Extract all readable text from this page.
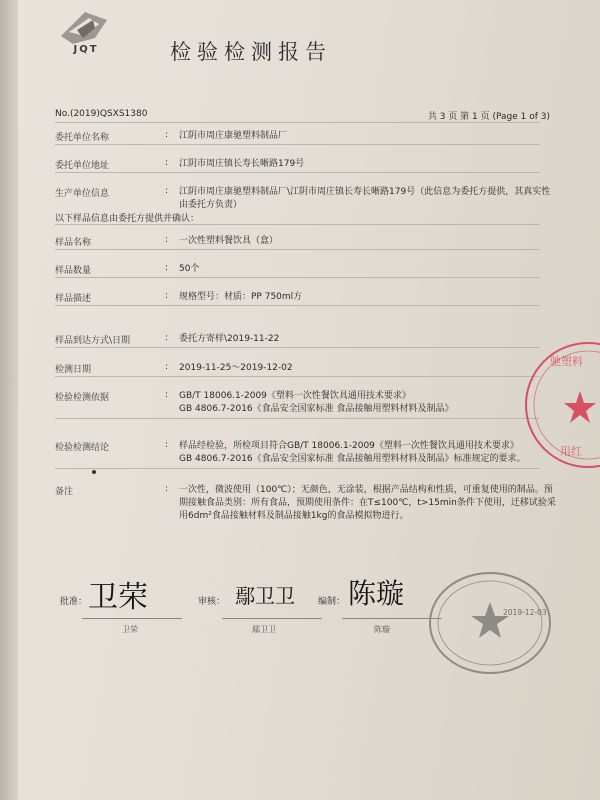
JQT	检验检测报告
No.(2019)QSXS1380	共 3 页 第 1 页 (Page 1 of 3)
委托单位名称	: 江阴市周庄康驰塑料制品厂
委托单位地址	: 江阴市周庄镇长寿长晰路179号
生产单位信息	: 江阴市周庄康驰塑料制品厂\江阴市周庄镇长寿长晰路179号（此信息为委托方提供，其真实性由委托方负责）
以下样品信息由委托方提供并确认：
样品名称	: 一次性塑料餐饮具（盒）
样品数量	: 50个
样品描述	: 规格型号：材质：PP 750ml方
样品到达方式\日期	: 委托方寄样\2019-11-22
检测日期	: 2019-11-25～2019-12-02
检验检测依据	: GB/T 18006.1-2009《塑料一次性餐饮具通用技术要求》
GB 4806.7-2016《食品安全国家标准 食品接触用塑料材料及制品》
检验检测结论	: 样品经检验，所检项目符合GB/T 18006.1-2009《塑料一次性餐饮具通用技术要求》
GB 4806.7-2016《食品安全国家标准 食品接触用塑料材料及制品》标准规定的要求。
备注	: 一次性，微波使用（100℃）；无颜色，无涂装，根据产品结构和性质，可重复使用的制品。预期接触食品类别：所有食品，预期使用条件：在T≤100℃，t>15min条件下使用，迁移试验采用6dm²食品接触材料及制品接触1kg的食品模拟物进行。
驰塑料
用红
批准： 卫荣
卫荣
审核： 鄢卫卫
鄢卫卫
编制： 陈璇
陈璇
2019-12-03
